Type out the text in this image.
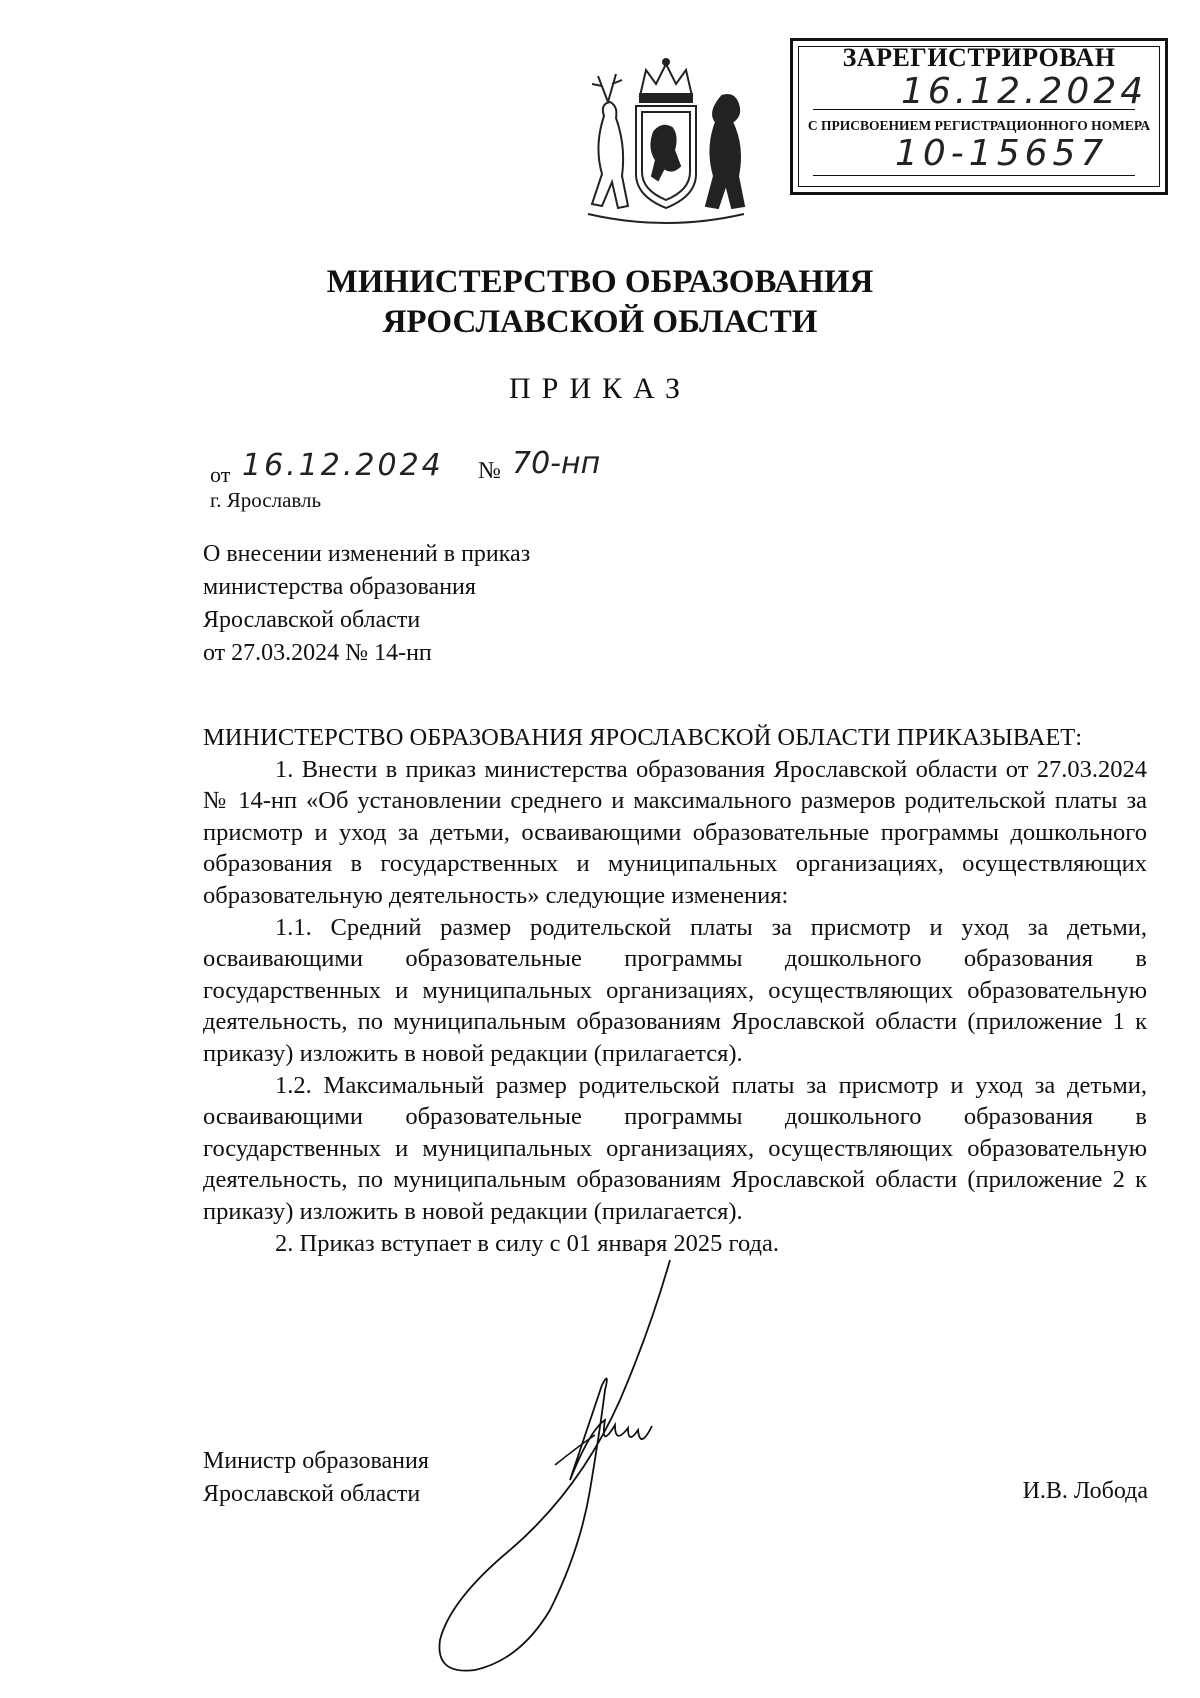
ЗАРЕГИСТРИРОВАН
16.12.2024
С ПРИСВОЕНИЕМ РЕГИСТРАЦИОННОГО НОМЕРА
10-15657
МИНИСТЕРСТВО ОБРАЗОВАНИЯ
ЯРОСЛАВСКОЙ ОБЛАСТИ
ПРИКАЗ
от 16.12.2024 № 70-нп
г. Ярославль
О внесении изменений в приказ
министерства образования
Ярославской области
от 27.03.2024 № 14-нп

МИНИСТЕРСТВО ОБРАЗОВАНИЯ ЯРОСЛАВСКОЙ ОБЛАСТИ ПРИКАЗЫВАЕТ:

1. Внести в приказ министерства образования Ярославской области от 27.03.2024 № 14-нп «Об установлении среднего и максимального размеров родительской платы за присмотр и уход за детьми, осваивающими образовательные программы дошкольного образования в государственных и муниципальных организациях, осуществляющих образовательную деятельность» следующие изменения:

1.1. Средний размер родительской платы за присмотр и уход за детьми, осваивающими образовательные программы дошкольного образования в государственных и муниципальных организациях, осуществляющих образовательную деятельность, по муниципальным образованиям Ярославской области (приложение 1 к приказу) изложить в новой редакции (прилагается).

1.2. Максимальный размер родительской платы за присмотр и уход за детьми, осваивающими образовательные программы дошкольного образования в государственных и муниципальных организациях, осуществляющих образовательную деятельность, по муниципальным образованиям Ярославской области (приложение 2 к приказу) изложить в новой редакции (прилагается).

2. Приказ вступает в силу с 01 января 2025 года.

Министр образования
Ярославской области	И.В. Лобода
